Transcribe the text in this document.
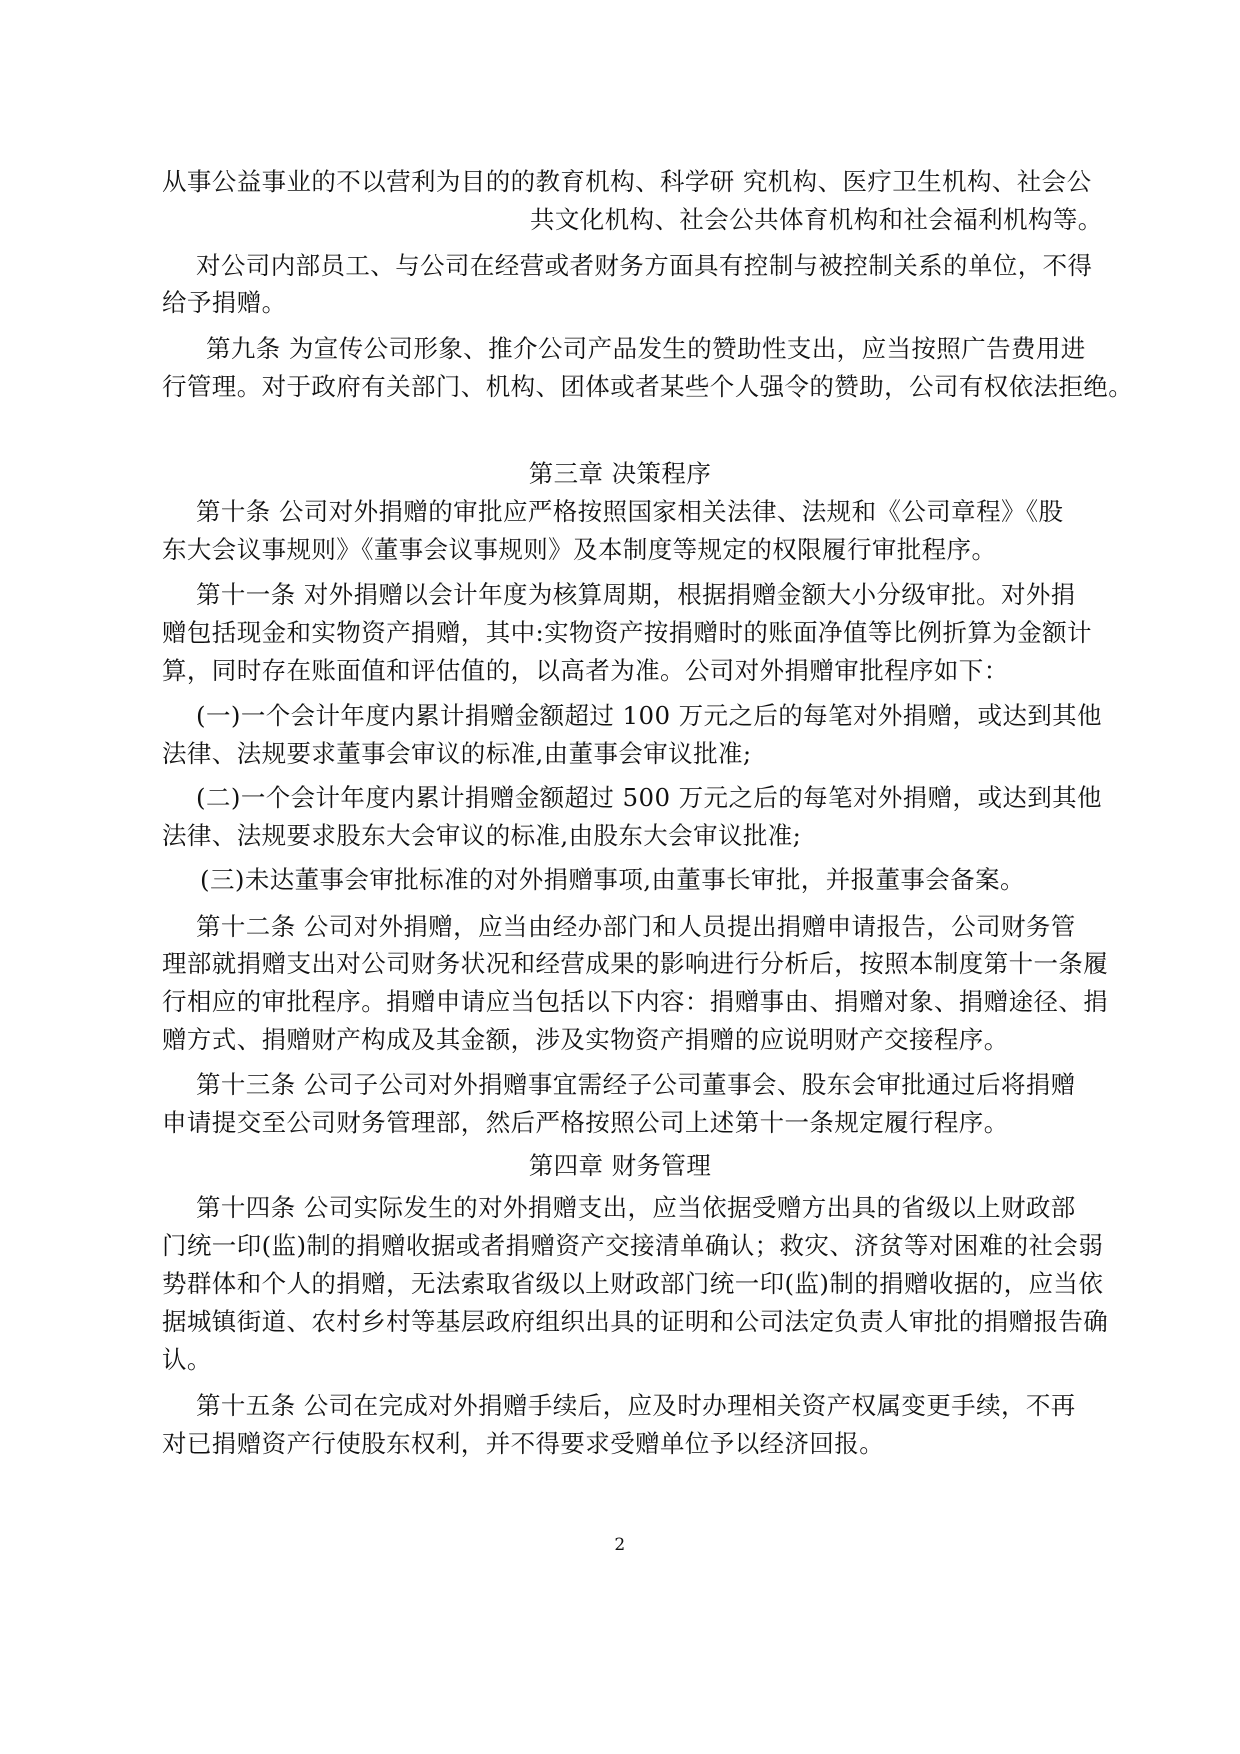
从事公益事业的不以营利为目的的教育机构、科学研 究机构、医疗卫生机构、社会公
共文化机构、社会公共体育机构和社会福利机构等。
对公司内部员工、与公司在经营或者财务方面具有控制与被控制关系的单位，不得
给予捐赠。
第九条 为宣传公司形象、推介公司产品发生的赞助性支出，应当按照广告费用进
行管理。对于政府有关部门、机构、团体或者某些个人强令的赞助，公司有权依法拒绝。
第三章 决策程序
第十条 公司对外捐赠的审批应严格按照国家相关法律、法规和《公司章程》《股
东大会议事规则》《董事会议事规则》及本制度等规定的权限履行审批程序。
第十一条 对外捐赠以会计年度为核算周期，根据捐赠金额大小分级审批。对外捐
赠包括现金和实物资产捐赠，其中:实物资产按捐赠时的账面净值等比例折算为金额计
算，同时存在账面值和评估值的，以高者为准。公司对外捐赠审批程序如下：
(一)一个会计年度内累计捐赠金额超过 100 万元之后的每笔对外捐赠，或达到其他
法律、法规要求董事会审议的标准,由董事会审议批准;
(二)一个会计年度内累计捐赠金额超过 500 万元之后的每笔对外捐赠，或达到其他
法律、法规要求股东大会审议的标准,由股东大会审议批准;
(三)未达董事会审批标准的对外捐赠事项,由董事长审批，并报董事会备案。
第十二条 公司对外捐赠，应当由经办部门和人员提出捐赠申请报告，公司财务管
理部就捐赠支出对公司财务状况和经营成果的影响进行分析后，按照本制度第十一条履
行相应的审批程序。捐赠申请应当包括以下内容：捐赠事由、捐赠对象、捐赠途径、捐
赠方式、捐赠财产构成及其金额，涉及实物资产捐赠的应说明财产交接程序。
第十三条 公司子公司对外捐赠事宜需经子公司董事会、股东会审批通过后将捐赠
申请提交至公司财务管理部，然后严格按照公司上述第十一条规定履行程序。
第四章 财务管理
第十四条 公司实际发生的对外捐赠支出，应当依据受赠方出具的省级以上财政部
门统一印(监)制的捐赠收据或者捐赠资产交接清单确认；救灾、济贫等对困难的社会弱
势群体和个人的捐赠，无法索取省级以上财政部门统一印(监)制的捐赠收据的，应当依
据城镇街道、农村乡村等基层政府组织出具的证明和公司法定负责人审批的捐赠报告确
认。
第十五条 公司在完成对外捐赠手续后，应及时办理相关资产权属变更手续，不再
对已捐赠资产行使股东权利，并不得要求受赠单位予以经济回报。
2
